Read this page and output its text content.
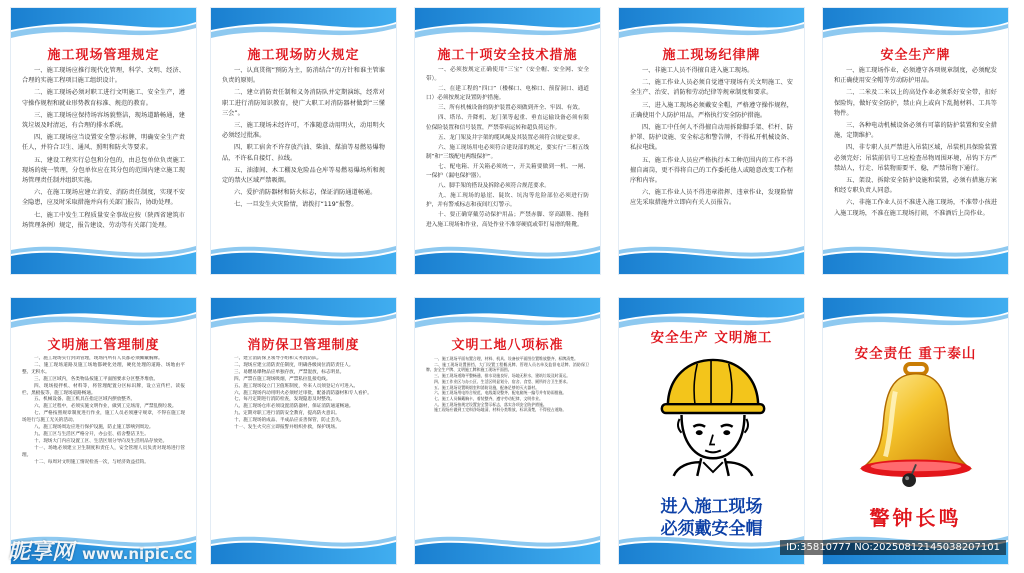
施工现场管理规定

一、施工现场应推行现代化管理，科学、文明、经济、合理的实施工程项目施工组织设计。

二、施工现场必须对职工进行文明施工、安全生产，遵守操作规程和就业形势教育标准、规范的教育。

三、施工现场应保持场容场貌整洁，现场道路畅通，建筑垃圾及时清运，有合理的排水系统。

四、施工现场应当设置安全警示标牌，明确安全生产责任人，并符合卫生、通风、照明和防火等要求。

五、建设工程实行总包和分包的，由总包单位负责施工现场的统一管理，分包单位应在其分包的范围内建立施工现场管理责任制并组织实施。

六、在施工现场应建立消安、消防责任制度，实现不安全隐患，应及时采取措施并向有关部门报告，协助处理。

七、施工中发生工程质量安全事故应按（陕西省建筑市场管理条例）规定，报告建设、劳动等有关部门处理。

施工现场防火规定

一、认真贯彻“预防为主，防消结合”的方针和谁主管谁负责的原则。

二、建立消防责任制和义务消防队并定期演练，经常对职工进行消防知识教育，使广大职工对消防器材做到“三懂三会”。

三、施工现场未经许可，不准随意动用明火，动用明火必须经过批准。

四、职工宿舍不许存放汽油、柴油、煤油等易燃易爆物品，不许私自接灯、拉线。

五、油漆间、木工棚及危险品仓库等易燃易爆场所和规定的禁火区域严禁吸烟。

六、爱护消防器材和防火标志，保证消防通道畅通。

七、一旦发生火灾险情，请拨打“119”报警。

施工十项安全技术措施

一、必须按规定正确使用“三宝”（安全帽、安全网、安全带）。

二、在建工程的“四口”（楼梯口、电梯口、预留洞口、通道口）必须按规定设置防护措施。

三、所有机械设备的防护装置必须做到齐全、牢固、有效。

四、塔吊、升降机、龙门架等起重、垂直运输设备必须有限位保险装置和信号装置，严禁带病运转和超负荷运作。

五、龙门架及井字架的缆风绳及其装置必须符合规定要求。

六、施工现场用电必须符合建设部的规定，要实行“三相五线制”和“三级配电两级保护”。

七、配电箱、开关箱必须统一，开关箱要做到一机、一闸、一保护（漏电保护器）。

八、脚手架的搭设及拆除必须符合规范要求。

九、施工现场的悬崖、陡坎、坑沟等危险部位必须进行防护，并有警戒标志和夜间红灯警示。

十、要正确穿戴劳动保护用品；严禁赤脚、穿高跟鞋、拖鞋进入施工现场和作业，高处作业不准穿硬底或带钉易滑的鞋靴。

施工现场纪律牌

一、非施工人员不得擅自进入施工现场。

二、施工作业人员必须自觉遵守现场有关文明施工、安全生产、治安、消防和劳动纪律等规章制度和要求。

三、进入施工现场必须戴安全帽，严格遵守操作规程，正确使用个人防护用品，严格执行安全防护措施。

四、施工中任何人不得擅自动用拆除脚手架、栏杆、防护罩、防护设施、安全标志和警告牌，不得私开机械设备、私拉电线。

五、施工作业人员应严格执行本工种范围内的工作不得擅自离岗，更不得将自己的工作委托他人或随意改变工作程序和内容。

六、施工作业人员不得违章指挥、违章作业，发现险情应先采取措施并立即向有关人员报告。

安全生产牌

一、施工现场作业，必须遵守各项规章制度，必须配发和正确使用安全帽等劳动防护用品。

二、二米及二米以上的高处作业必须系好安全带，扣好保险钩，做好安全防护，禁止向上或向下乱抛材料、工具等物件。

三、各种电动机械设备必须有可靠的防护装置和安全措施，定期维护。

四、非专职人员严禁进入吊装区域，吊装机具保险装置必须完好；吊装前信号工应检查吊物周围环境，吊钩下方严禁站人，行走、吊装物需要平、稳，严禁吊物下通行。

五、架设、拆除安全防护设施和装置，必须有措施方案和经专职负责人同意。

六、非施工作业人员不准进入施工现场，不准带小孩进入施工现场，不准在施工现场打闹，不准酒后上岗作业。

文明施工管理制度

一、施工现场实行封闭管理，现场内所有人员都必须佩戴胸牌。

二、施工现场道路及施工场地都硬化处理，硬化处理的道路、场地由平整、无积水。

三、施工区域内，各类物品按施工平面图要求分区整齐堆放。

四、现场搅拌机、材料等，将管理配置分区标识牌，设立宣传栏、读报栏、黑板报等，施工现场道路畅通。

五、机械设备、施工机具在指定区域内摆放整齐。

六、施工过程中，必须实施文明作业，做到工完场清，严禁乱倒垃圾。

七、严格按照规章制度进行作业，施工人员必须遵守规章，不得在施工现场进行与施工无关的活动。

八、施工现场周边应进行保护设施，防止施工影响到周边。

九、施工区与生活区严格分开，办公室、宿舍整洁卫生。

十、现场大门内应设置工区、生活区划分导向及生活用品存放处。

十一、场地必须建立卫生制度和责任人，安全管理人员负责对现场进行管理。

十二、每周对文明施工情况检查一次，与经济效益挂钩。

消防保卫管理制度

一、建立消防保卫领导小组和义务消防队。

二、现场应建立消防责任制度，明确各级岗位消防责任人。

三、易燃易爆物品应单独存放，严禁混放，标志明显。

四、严禁在施工现场吸烟，严禁私拉乱接电线。

五、施工现场设立门卫值班制度，外来人员须登记方可进入。

六、施工现场内动用明火必须经过审批，配备消防器材和专人看护。

七、每月定期进行消防检查，发现隐患及时整改。

八、施工现场仓库必须设置消防器材，保证消防通道畅通。

九、定期对职工进行消防安全教育，提高防火意识。

十、施工现场的成品、半成品应妥善保管，防止丢失。

十一、发生火灾应立即报警并组织扑救，保护现场。

文明工地八项标准

一、施工现场平面布置合理，材料、机具、设备按平面图位置堆放整齐，标牌清楚。

二、施工现场设置围挡，大门设置工程概况牌、管理人员名单及监督电话牌、消防保卫牌、安全生产牌、文明施工牌和施工现场平面图。

三、施工现场道路平整畅通，排水设施良好，场地无积水，建筑垃圾及时清运。

四、施工作业区与办公区、生活区明显划分，宿舍、食堂、厕所符合卫生要求。

五、施工现场设置吸烟室和消防设施，配备足够的灭火器材。

六、施工现场用电符合规范，电线架设整齐，配电箱统一编号并有防雨措施。

七、施工人员佩戴胸卡，着装整齐，遵守劳动纪律，文明作业。

八、施工现场按规定设置安全警示标志，落实各项安全防护措施。

施工现场应做到工完料净场地清，材料分类堆放，标识清楚，不得侵占道路。

安全生产 文明施工
进入施工现场
必须戴安全帽
安全责任 重于泰山
警钟长鸣
昵享网 www.nipic.cc	ID:35810777 NO:20250812145038207101
